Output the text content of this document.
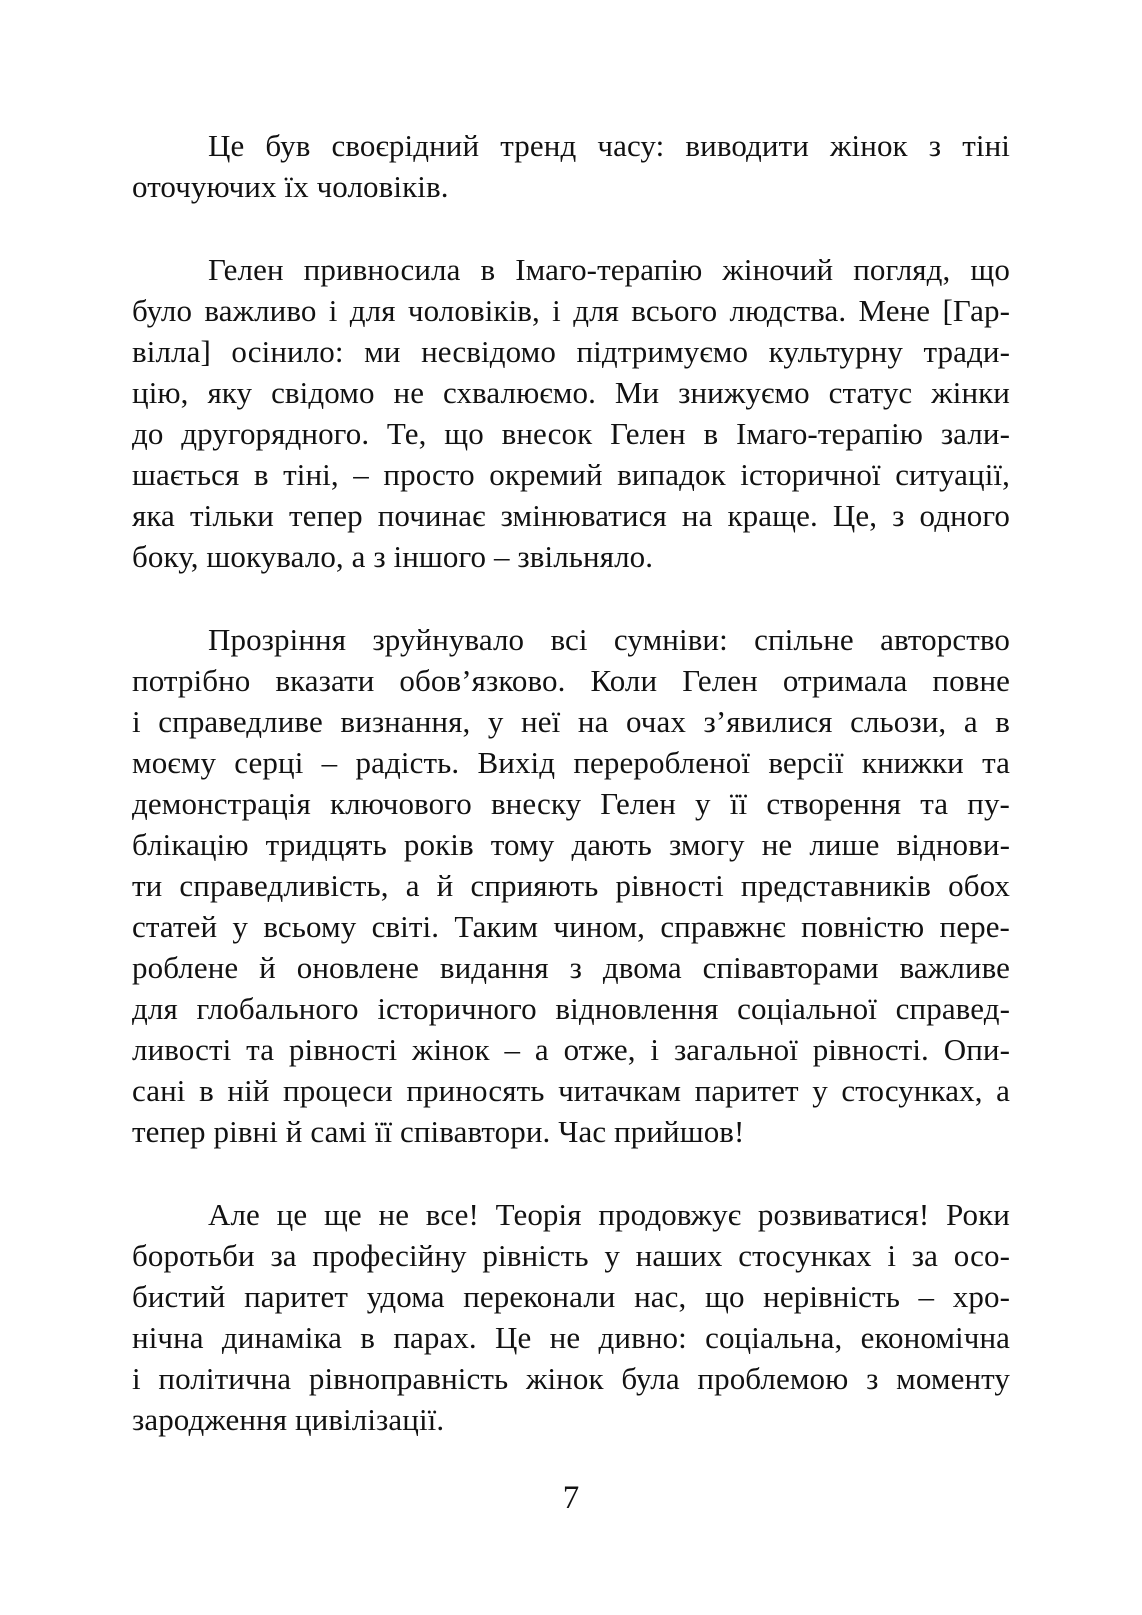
Це був своєрідний тренд часу: виводити жінок з тіні
оточуючих їх чоловіків.
Гелен привносила в Імаго-терапію жіночий погляд, що
було важливо і для чоловіків, і для всього людства. Мене [Гар-
вілла] осінило: ми несвідомо підтримуємо культурну тради-
цію, яку свідомо не схвалюємо. Ми знижуємо статус жінки
до другорядного. Те, що внесок Гелен в Імаго-терапію зали-
шається в тіні, – просто окремий випадок історичної ситуації,
яка тільки тепер починає змінюватися на краще. Це, з одного
боку, шокувало, а з іншого – звільняло.
Прозріння зруйнувало всі сумніви: спільне авторство
потрібно вказати обов’язково. Коли Гелен отримала повне
і справедливе визнання, у неї на очах з’явилися сльози, а в
моєму серці – радість. Вихід переробленої версії книжки та
демонстрація ключового внеску Гелен у її створення та пу-
блікацію тридцять років тому дають змогу не лише віднови-
ти справедливість, а й сприяють рівності представників обох
статей у всьому світі. Таким чином, справжнє повністю пере-
роблене й оновлене видання з двома співавторами важливе
для глобального історичного відновлення соціальної справед-
ливості та рівності жінок – а отже, і загальної рівності. Опи-
сані в ній процеси приносять читачкам паритет у стосунках, а
тепер рівні й самі її співавтори. Час прийшов!
Але це ще не все! Теорія продовжує розвиватися! Роки
боротьби за професійну рівність у наших стосунках і за осо-
бистий паритет удома переконали нас, що нерівність – хро-
нічна динаміка в парах. Це не дивно: соціальна, економічна
і політична рівноправність жінок була проблемою з моменту
зародження цивілізації.
7
